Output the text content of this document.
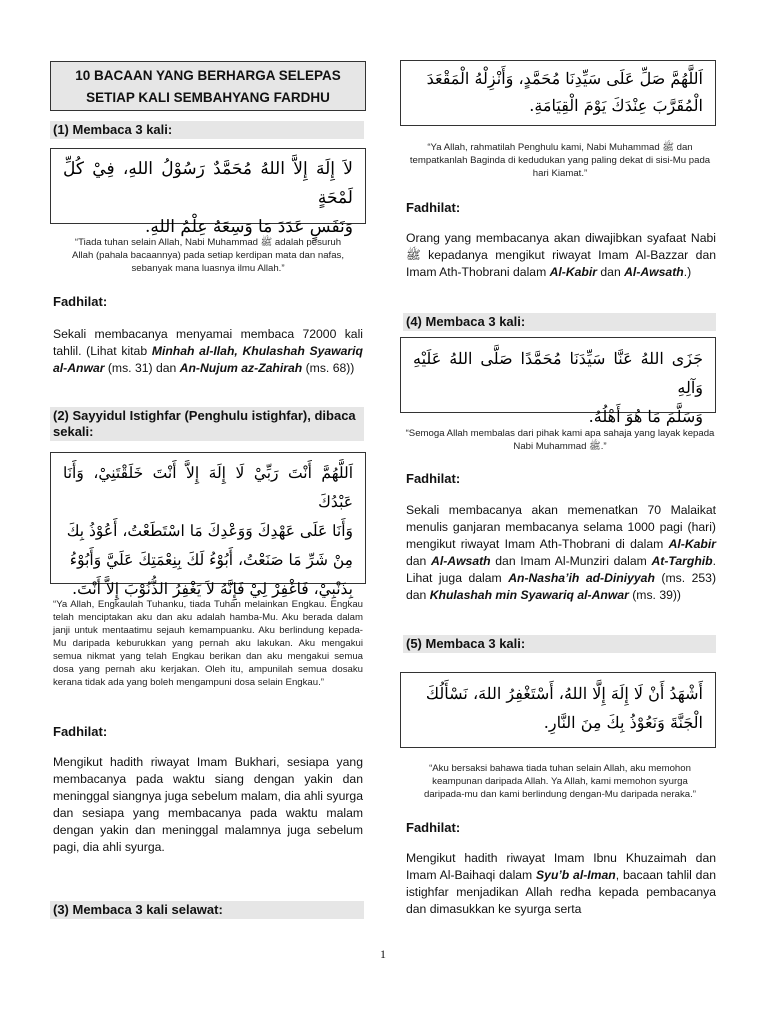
10 BACAAN YANG BERHARGA SELEPAS
SETIAP KALI SEMBAHYANG FARDHU
(1) Membaca 3 kali:
لاَ إِلَهَ إِلاَّ اللهُ مُحَمَّدٌ رَسُوْلُ اللهِ، فِيْ كُلِّ لَمْحَةٍ
وَنَفَسٍ عَدَدَ مَا وَسِعَهُ عِلْمُ اللهِ.
“Tiada tuhan selain Allah, Nabi Muhammad ﷺ adalah pesuruh
Allah (pahala bacaannya) pada setiap kerdipan mata dan nafas,
sebanyak mana luasnya ilmu Allah.”
Fadhilat:
Sekali membacanya menyamai membaca 72000 kali tahlil. (Lihat kitab Minhah al-Ilah, Khulashah Syawariq al-Anwar (ms. 31) dan An-Nujum az-Zahirah (ms. 68))
(2) Sayyidul Istighfar (Penghulu istighfar), dibaca sekali:
اَللَّهُمَّ أَنْتَ رَبِّيْ لَا إِلَهَ إِلاَّ أَنْتَ خَلَقْتَنِيْ، وَأَنَا عَبْدُكَ
وَأَنَا عَلَى عَهْدِكَ وَوَعْدِكَ مَا اسْتَطَعْتُ، أَعُوْذُ بِكَ
مِنْ شَرِّ مَا صَنَعْتُ، أَبُوْءُ لَكَ بِنِعْمَتِكَ عَلَيَّ وَأَبُوْءُ
بِذَنْبِيْ، فَاغْفِرْ لِيْ فَإِنَّهُ لاَ يَغْفِرُ الذُّنُوْبَ إِلاَّ أَنْتَ.
“Ya Allah, Engkaulah Tuhanku, tiada Tuhan melainkan Engkau. Engkau telah menciptakan aku dan aku adalah hamba-Mu. Aku berada dalam janji untuk mentaatimu sejauh kemampuanku. Aku berlindung kepada-Mu daripada keburukkan yang pernah aku lakukan. Aku mengakui semua nikmat yang telah Engkau berikan dan aku mengakui semua dosa yang pernah aku kerjakan. Oleh itu, ampunilah semua dosaku kerana tidak ada yang boleh mengampuni dosa selain Engkau.”
Fadhilat:
Mengikut hadith riwayat Imam Bukhari, sesiapa yang membacanya pada waktu siang dengan yakin dan meninggal siangnya juga sebelum malam, dia ahli syurga dan sesiapa yang membacanya pada waktu malam dengan yakin dan meninggal malamnya juga sebelum pagi, dia ahli syurga.
(3) Membaca 3 kali selawat:
اَللَّهُمَّ صَلِّ عَلَى سَيِّدِنَا مُحَمَّدٍ، وَأَنْزِلْهُ الْمَقْعَدَ
الْمُقَرَّبَ عِنْدَكَ يَوْمَ الْقِيَامَةِ.
“Ya Allah, rahmatilah Penghulu kami, Nabi Muhammad ﷺ dan tempatkanlah Baginda di kedudukan yang paling dekat di sisi-Mu pada hari Kiamat.”
Fadhilat:
Orang yang membacanya akan diwajibkan syafaat Nabi ﷺ kepadanya mengikut riwayat Imam Al-Bazzar dan Imam Ath-Thobrani dalam Al-Kabir dan Al-Awsath.)
(4) Membaca 3 kali:
جَزَى اللهُ عَنَّا سَيِّدَنَا مُحَمَّدًا صَلَّى اللهُ عَلَيْهِ وَآلِهِ
وَسَلَّمَ مَا هُوَ أَهْلُهُ.
“Semoga Allah membalas dari pihak kami apa sahaja yang layak kepada Nabi Muhammad ﷺ.”
Fadhilat:
Sekali membacanya akan memenatkan 70 Malaikat menulis ganjaran membacanya selama 1000 pagi (hari) mengikut riwayat Imam Ath-Thobrani di dalam Al-Kabir dan Al-Awsath dan Imam Al-Munziri dalam At-Targhib. Lihat juga dalam An-Nasha’ih ad-Diniyyah (ms. 253) dan Khulashah min Syawariq al-Anwar (ms. 39))
(5) Membaca 3 kali:
أَشْهَدُ أَنْ لَا إِلَهَ إِلَّا اللهُ، أَسْتَغْفِرُ اللهَ، نَسْأَلُكَ
الْجَنَّةَ وَنَعُوْذُ بِكَ مِنَ النَّارِ.
“Aku bersaksi bahawa tiada tuhan selain Allah, aku memohon
keampunan daripada Allah. Ya Allah, kami memohon syurga
daripada-mu dan kami berlindung dengan-Mu daripada neraka.”
Fadhilat:
Mengikut hadith riwayat Imam Ibnu Khuzaimah dan Imam Al-Baihaqi dalam Syu’b al-Iman, bacaan tahlil dan istighfar menjadikan Allah redha kepada pembacanya dan dimasukkan ke syurga serta
1
